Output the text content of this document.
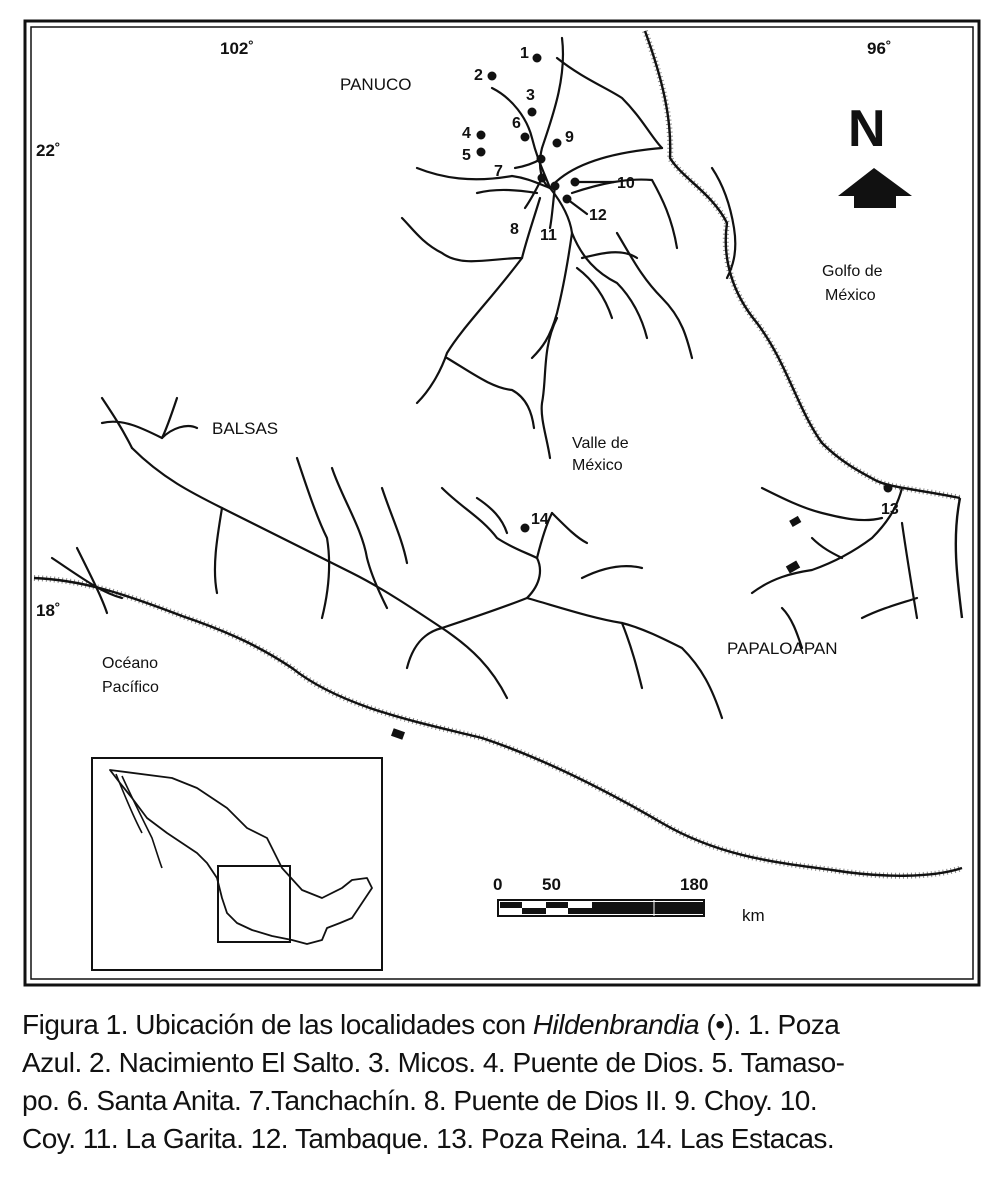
102˚	96˚
22˚
18˚
PANUCO
BALSAS
PAPALOAPAN
Valle de
México
Golfo de
México
Océano
Pacífico
N
1
2
3
4
5
6
7
8
9
10
11
12
13
14
0 50	180
km
Figura 1. Ubicación de las localidades con Hildenbrandia (•). 1. Poza
Azul. 2. Nacimiento El Salto. 3. Micos. 4. Puente de Dios. 5. Tamaso-
po. 6. Santa Anita. 7.Tanchachín. 8. Puente de Dios II. 9. Choy. 10.
Coy. 11. La Garita. 12. Tambaque. 13. Poza Reina. 14. Las Estacas.
